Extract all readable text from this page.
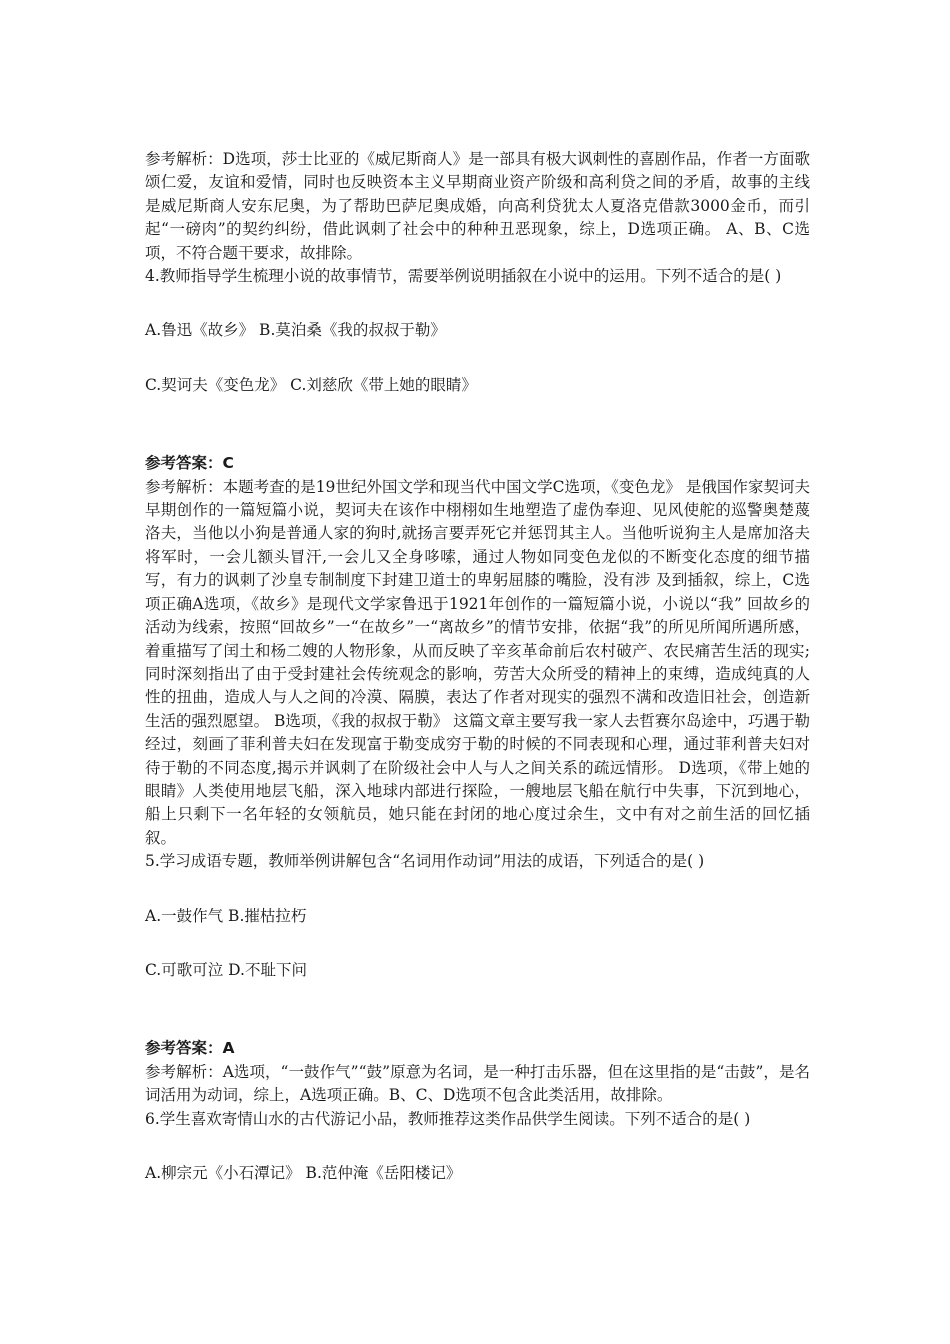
参考解析：D选项，莎士比亚的《威尼斯商人》是一部具有极大讽刺性的喜剧作品，作者一方面歌颂仁爱，友谊和爱情，同时也反映资本主义早期商业资产阶级和高利贷之间的矛盾，故事的主线是威尼斯商人安东尼奥，为了帮助巴萨尼奥成婚，向高利贷犹太人夏洛克借款3000金币，而引起“一磅肉”的契约纠纷，借此讽刺了社会中的种种丑恶现象，综上，D选项正确。 A、B、C选项，不符合题干要求，故排除。

4.教师指导学生梳理小说的故事情节，需要举例说明插叙在小说中的运用。下列不适合的是( )

A.鲁迅《故乡》 B.莫泊桑《我的叔叔于勒》

C.契诃夫《变色龙》 C.刘慈欣《带上她的眼睛》

参考答案：C

参考解析：本题考查的是19世纪外国文学和现当代中国文学C选项，《变色龙》 是俄国作家契诃夫早期创作的一篇短篇小说，契诃夫在该作中栩栩如生地塑造了虚伪奉迎、见风使舵的巡警奥楚蔑洛夫，当他以小狗是普通人家的狗时,就扬言要弄死它并惩罚其主人。当他听说狗主人是席加洛夫将军时，一会儿额头冒汗,一会儿又全身哆嗦，通过人物如同变色龙似的不断变化态度的细节描写，有力的讽刺了沙皇专制制度下封建卫道士的卑躬屈膝的嘴脸，没有涉 及到插叙，综上，C选项正确A选项，《故乡》是现代文学家鲁迅于1921年创作的一篇短篇小说，小说以“我” 回故乡的活动为线索，按照“回故乡”一“在故乡”一“离故乡”的情节安排，依据“我”的所见所闻所遇所感，着重描写了闰土和杨二嫂的人物形象，从而反映了辛亥革命前后农村破产、农民痛苦生活的现实;同时深刻指出了由于受封建社会传统观念的影响，劳苦大众所受的精神上的束缚，造成纯真的人性的扭曲，造成人与人之间的冷漠、隔膜，表达了作者对现实的强烈不满和改造旧社会，创造新生活的强烈愿望。 B选项，《我的叔叔于勒》 这篇文章主要写我一家人去哲赛尔岛途中，巧遇于勒经过，刻画了菲利普夫妇在发现富于勒变成穷于勒的时候的不同表现和心理，通过菲利普夫妇对待于勒的不同态度,揭示并讽刺了在阶级社会中人与人之间关系的疏远情形。 D选项，《带上她的眼睛》人类使用地层飞船，深入地球内部进行探险，一艘地层飞船在航行中失事，下沉到地心，船上只剩下一名年轻的女领航员，她只能在封闭的地心度过余生，文中有对之前生活的回忆插叙。

5.学习成语专题，教师举例讲解包含“名词用作动词”用法的成语，下列适合的是( )

A.一鼓作气 B.摧枯拉朽

C.可歌可泣 D.不耻下问

参考答案：A

参考解析：A选项，“一鼓作气”“鼓”原意为名词，是一种打击乐器，但在这里指的是“击鼓”，是名词活用为动词，综上，A选项正确。B、C、D选项不包含此类活用，故排除。

6.学生喜欢寄情山水的古代游记小品，教师推荐这类作品供学生阅读。下列不适合的是( )

A.柳宗元《小石潭记》 B.范仲淹《岳阳楼记》
